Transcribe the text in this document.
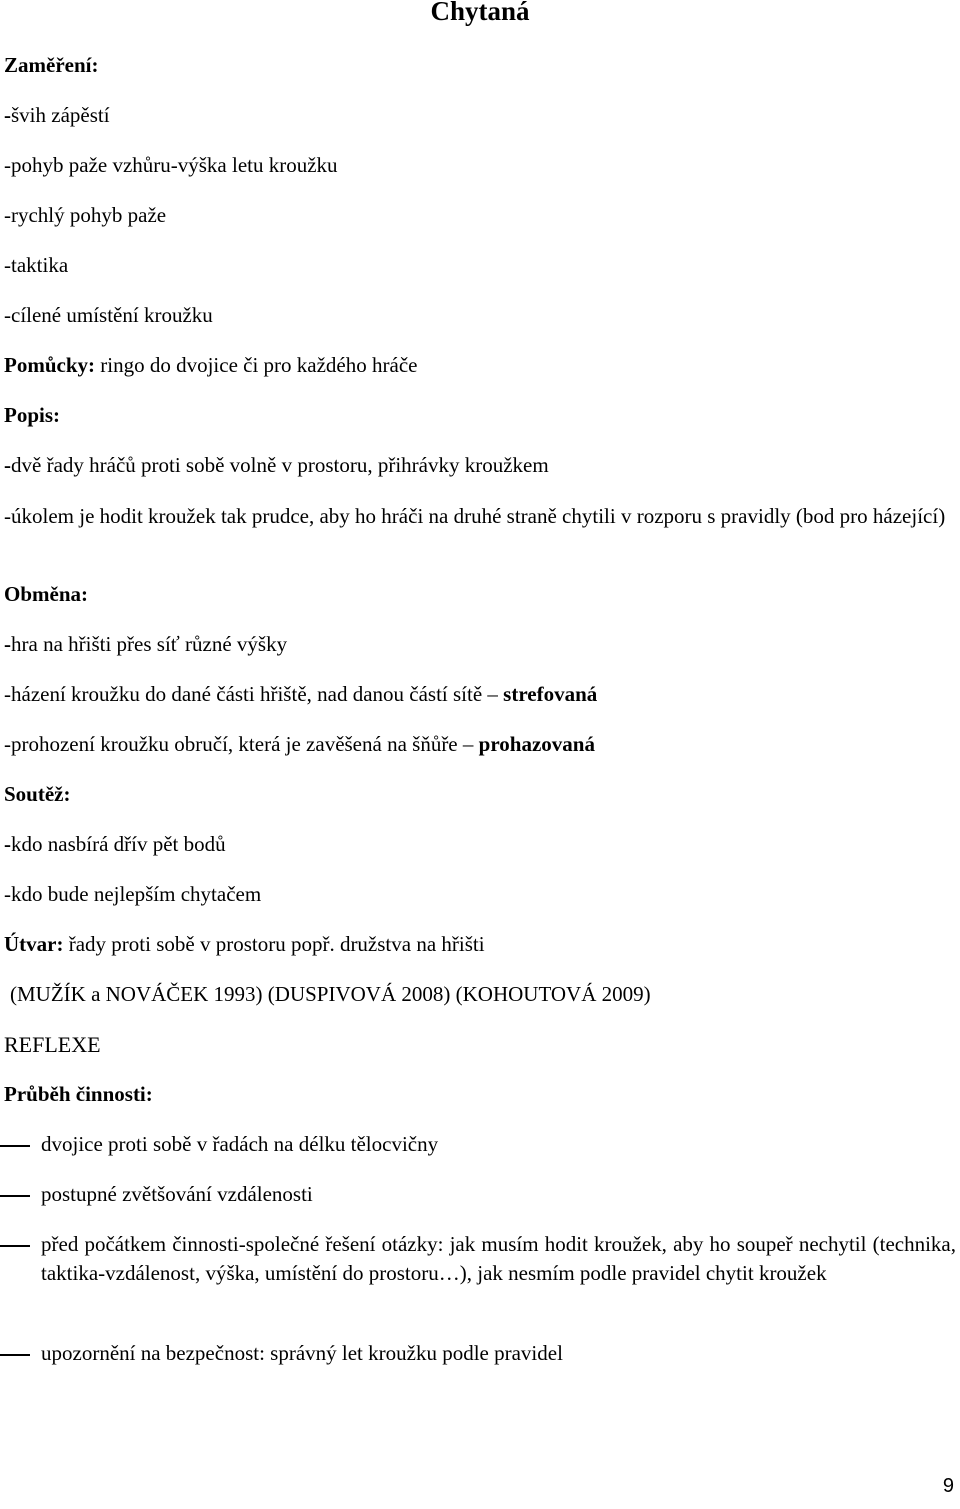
Chytaná
Zaměření:
-švih zápěstí
-pohyb paže vzhůru-výška letu kroužku
-rychlý pohyb paže
-taktika
-cílené umístění kroužku
Pomůcky: ringo do dvojice či pro každého hráče
Popis:
-dvě řady hráčů proti sobě volně v prostoru, přihrávky kroužkem
-úkolem je hodit kroužek tak prudce, aby ho hráči na druhé straně chytili v rozporu s pravidly (bod pro házející)
Obměna:
-hra na hřišti přes síť různé výšky
-házení kroužku do dané části hřiště, nad danou částí sítě – strefovaná
-prohození kroužku obručí, která je zavěšená na šňůře – prohazovaná
Soutěž:
-kdo nasbírá dřív pět bodů
-kdo bude nejlepším chytačem
Útvar: řady proti sobě v prostoru popř. družstva na hřišti
(MUŽÍK a NOVÁČEK 1993) (DUSPIVOVÁ 2008) (KOHOUTOVÁ 2009)
REFLEXE
Průběh činnosti:
dvojice proti sobě v řadách na délku tělocvičny
postupné zvětšování vzdálenosti
před počátkem činnosti-společné řešení otázky: jak musím hodit kroužek, aby ho soupeř nechytil (technika, taktika-vzdálenost, výška, umístění do prostoru…), jak nesmím podle pravidel chytit kroužek
upozornění na bezpečnost: správný let kroužku podle pravidel
9
